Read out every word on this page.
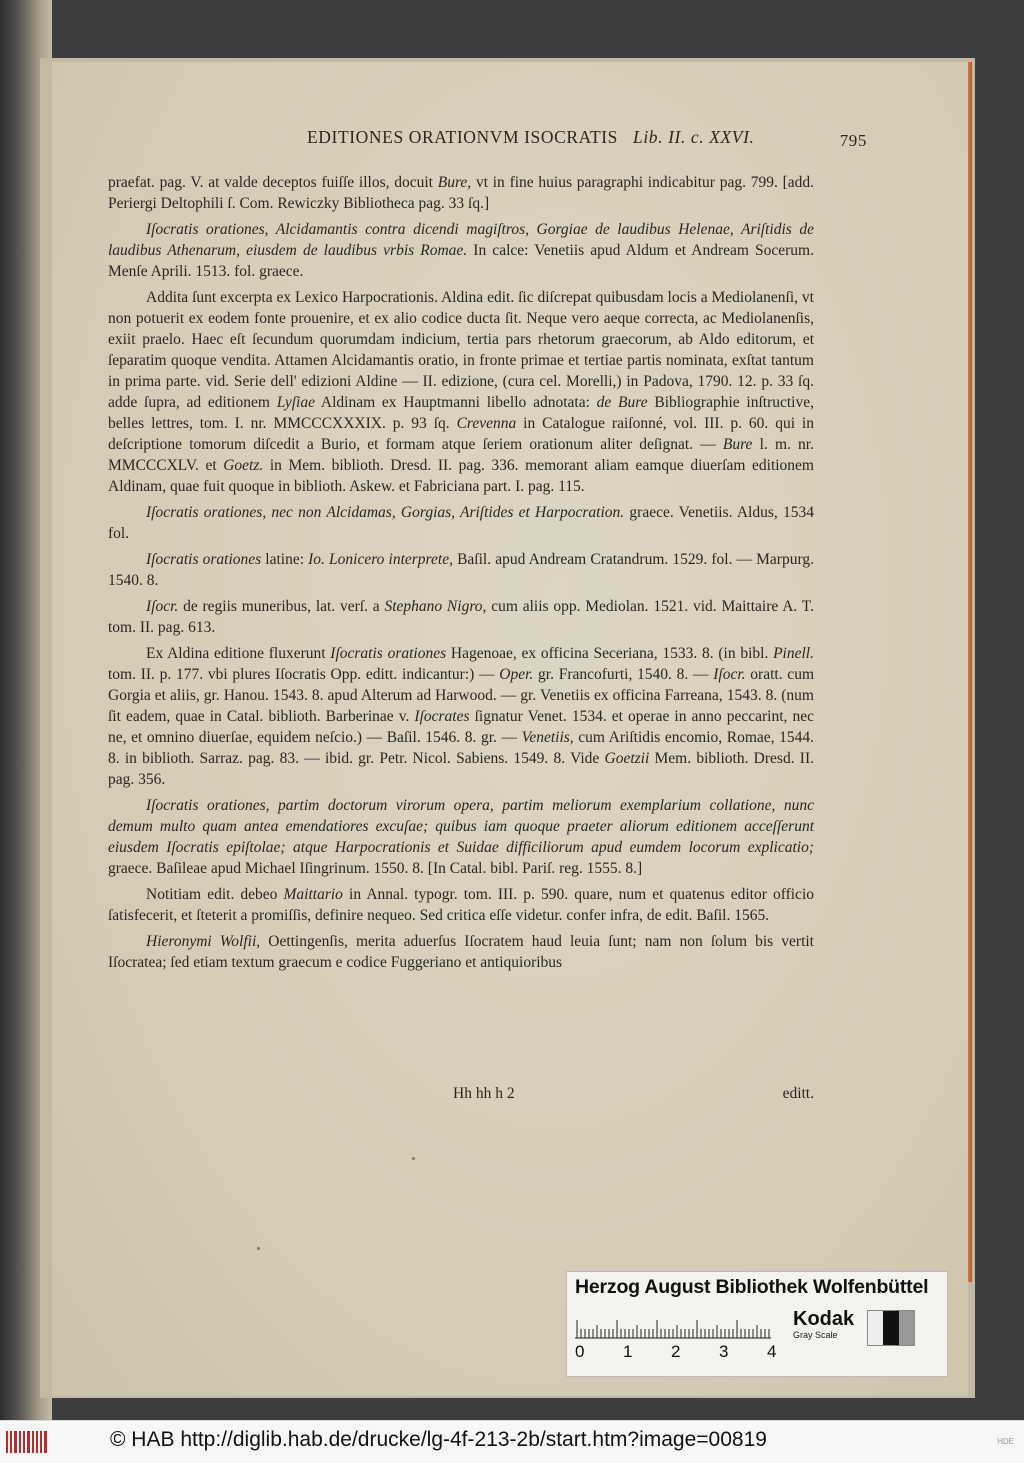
EDITIONES ORATIONVM ISOCRATIS Lib. II. c. XXVI.	795

praefat. pag. V. at valde deceptos fuiſſe illos, docuit Bure, vt in fine huius paragraphi indicabitur pag. 799. [add. Periergi Deltophili ſ. Com. Rewiczky Bibliotheca pag. 33 ſq.]

Iſocratis orationes, Alcidamantis contra dicendi magiſtros, Gorgiae de laudibus Helenae, Ariſtidis de laudibus Athenarum, eiusdem de laudibus vrbis Romae. In calce: Venetiis apud Aldum et Andream Socerum. Menſe Aprili. 1513. fol. graece.

Addita ſunt excerpta ex Lexico Harpocrationis. Aldina edit. ſic diſcrepat quibusdam locis a Mediolanenſi, vt non potuerit ex eodem fonte prouenire, et ex alio codice ducta ſit. Neque vero aeque correcta, ac Mediolanenſis, exiit praelo. Haec eſt ſecundum quorumdam indicium, tertia pars rhetorum graecorum, ab Aldo editorum, et ſeparatim quoque vendita. Attamen Alcidamantis oratio, in fronte primae et tertiae partis nominata, exſtat tantum in prima parte. vid. Serie dell' edizioni Aldine — II. edizione, (cura cel. Morelli,) in Padova, 1790. 12. p. 33 ſq. adde ſupra, ad editionem Lyſiae Aldinam ex Hauptmanni libello adnotata: de Bure Bibliographie inſtructive, belles lettres, tom. I. nr. MMCCCXXXIX. p. 93 ſq. Crevenna in Catalogue raiſonné, vol. III. p. 60. qui in deſcriptione tomorum diſcedit a Burio, et formam atque ſeriem orationum aliter deſignat. — Bure l. m. nr. MMCCCXLV. et Goetz. in Mem. biblioth. Dresd. II. pag. 336. memorant aliam eamque diuerſam editionem Aldinam, quae fuit quoque in biblioth. Askew. et Fabriciana part. I. pag. 115.

Iſocratis orationes, nec non Alcidamas, Gorgias, Ariſtides et Harpocration. graece. Venetiis. Aldus, 1534 fol.

Iſocratis orationes latine: Io. Lonicero interprete, Baſil. apud Andream Cratandrum. 1529. fol. — Marpurg. 1540. 8.

Iſocr. de regiis muneribus, lat. verſ. a Stephano Nigro, cum aliis opp. Mediolan. 1521. vid. Maittaire A. T. tom. II. pag. 613.

Ex Aldina editione fluxerunt Iſocratis orationes Hagenoae, ex officina Seceriana, 1533. 8. (in bibl. Pinell. tom. II. p. 177. vbi plures Iſocratis Opp. editt. indicantur:) — Oper. gr. Francofurti, 1540. 8. — Iſocr. oratt. cum Gorgia et aliis, gr. Hanou. 1543. 8. apud Alterum ad Harwood. — gr. Venetiis ex officina Farreana, 1543. 8. (num ſit eadem, quae in Catal. biblioth. Barberinae v. Iſocrates ſignatur Venet. 1534. et operae in anno peccarint, nec ne, et omnino diuerſae, equidem neſcio.) — Baſil. 1546. 8. gr. — Venetiis, cum Ariſtidis encomio, Romae, 1544. 8. in biblioth. Sarraz. pag. 83. — ibid. gr. Petr. Nicol. Sabiens. 1549. 8. Vide Goetzii Mem. biblioth. Dresd. II. pag. 356.

Iſocratis orationes, partim doctorum virorum opera, partim meliorum exemplarium collatione, nunc demum multo quam antea emendatiores excuſae; quibus iam quoque praeter aliorum editionem acceſſerunt eiusdem Iſocratis epiſtolae; atque Harpocrationis et Suidae difficiliorum apud eumdem locorum explicatio; graece. Baſileae apud Michael Iſingrinum. 1550. 8. [In Catal. bibl. Pariſ. reg. 1555. 8.]

Notitiam edit. debeo Maittario in Annal. typogr. tom. III. p. 590. quare, num et quatenus editor officio ſatisfecerit, et ſteterit a promiſſis, definire nequeo. Sed critica eſſe videtur. confer infra, de edit. Baſil. 1565.

Hieronymi Wolfii, Oettingenſis, merita aduerſus Iſocratem haud leuia ſunt; nam non ſolum bis vertit Iſocratea; ſed etiam textum graecum e codice Fuggeriano et antiquioribus

Hh hh h 2	editt.
Herzog August Bibliothek Wolfenbüttel
0 1 2 3 4
Kodak
Gray Scale
© HAB http://diglib.hab.de/drucke/lg-4f-213-2b/start.htm?image=00819	HDE
